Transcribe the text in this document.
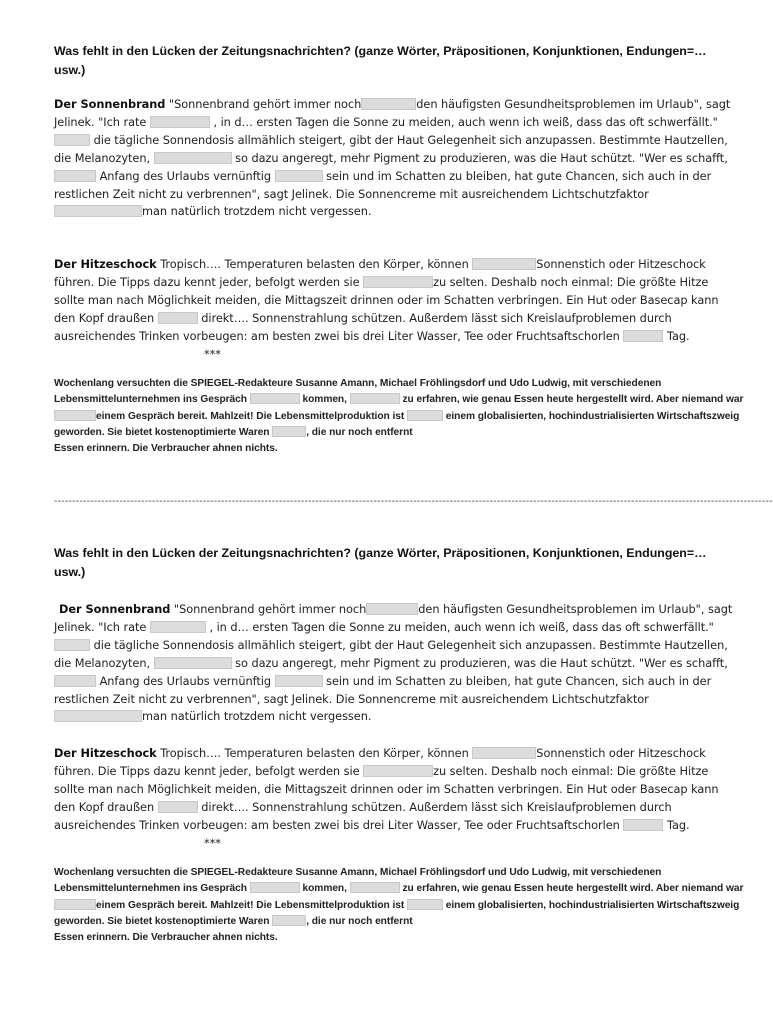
Was fehlt in den Lücken der Zeitungsnachrichten? (ganze Wörter, Präpositionen, Konjunktionen, Endungen=… usw.)
Der Sonnenbrand "Sonnenbrand gehört immer noch	den häufigsten Gesundheitsproblemen im Urlaub", sagt Jelinek. "Ich rate	, in d… ersten Tagen die Sonne zu meiden, auch wenn ich weiß, dass das oft schwerfällt." die tägliche Sonnendosis allmählich steigert, gibt der Haut Gelegenheit sich anzupassen. Bestimmte Hautzellen, die Melanozyten,	so dazu angeregt, mehr Pigment zu produzieren, was die Haut schützt. "Wer es schafft, Anfang des Urlaubs vernünftig	sein und im Schatten zu bleiben, hat gute Chancen, sich auch in der restlichen Zeit nicht zu verbrennen", sagt Jelinek. Die Sonnencreme mit ausreichendem Lichtschutzfaktor man natürlich trotzdem nicht vergessen.
Der Hitzeschock Tropisch…. Temperaturen belasten den Körper, können	Sonnenstich oder Hitzeschock führen. Die Tipps dazu kennt jeder, befolgt werden sie	zu selten. Deshalb noch einmal: Die größte Hitze sollte man nach Möglichkeit meiden, die Mittagszeit drinnen oder im Schatten verbringen. Ein Hut oder Basecap kann den Kopf draußen	direkt…. Sonnenstrahlung schützen. Außerdem lässt sich Kreislaufproblemen durch ausreichendes Trinken vorbeugen: am besten zwei bis drei Liter Wasser, Tee oder Fruchtsaftschorlen	Tag. ***
Wochenlang versuchten die SPIEGEL-Redakteure Susanne Amann, Michael Fröhlingsdorf und Udo Ludwig, mit verschiedenen Lebensmittelunternehmen ins Gespräch	kommen,	zu erfahren, wie genau Essen heute hergestellt wird. Aber niemand war einem Gespräch bereit. Mahlzeit! Die Lebensmittelproduktion ist	einem globalisierten, hochindustrialisierten Wirtschaftszweig geworden. Sie bietet kostenoptimierte Waren	, die nur noch entfernt
Essen erinnern. Die Verbraucher ahnen nichts.
------------------------------------------------------------------------------------------------------------------------------------------------------------------------------------------------------
Was fehlt in den Lücken der Zeitungsnachrichten? (ganze Wörter, Präpositionen, Konjunktionen, Endungen=… usw.)
Der Sonnenbrand "Sonnenbrand gehört immer noch	den häufigsten Gesundheitsproblemen im Urlaub", sagt Jelinek. "Ich rate	, in d… ersten Tagen die Sonne zu meiden, auch wenn ich weiß, dass das oft schwerfällt." die tägliche Sonnendosis allmählich steigert, gibt der Haut Gelegenheit sich anzupassen. Bestimmte Hautzellen, die Melanozyten,	so dazu angeregt, mehr Pigment zu produzieren, was die Haut schützt. "Wer es schafft, Anfang des Urlaubs vernünftig	sein und im Schatten zu bleiben, hat gute Chancen, sich auch in der restlichen Zeit nicht zu verbrennen", sagt Jelinek. Die Sonnencreme mit ausreichendem Lichtschutzfaktor man natürlich trotzdem nicht vergessen.
Der Hitzeschock Tropisch…. Temperaturen belasten den Körper, können	Sonnenstich oder Hitzeschock führen. Die Tipps dazu kennt jeder, befolgt werden sie	zu selten. Deshalb noch einmal: Die größte Hitze sollte man nach Möglichkeit meiden, die Mittagszeit drinnen oder im Schatten verbringen. Ein Hut oder Basecap kann den Kopf draußen	direkt…. Sonnenstrahlung schützen. Außerdem lässt sich Kreislaufproblemen durch ausreichendes Trinken vorbeugen: am besten zwei bis drei Liter Wasser, Tee oder Fruchtsaftschorlen	Tag. ***
Wochenlang versuchten die SPIEGEL-Redakteure Susanne Amann, Michael Fröhlingsdorf und Udo Ludwig, mit verschiedenen Lebensmittelunternehmen ins Gespräch	kommen,	zu erfahren, wie genau Essen heute hergestellt wird. Aber niemand war einem Gespräch bereit. Mahlzeit! Die Lebensmittelproduktion ist	einem globalisierten, hochindustrialisierten Wirtschaftszweig geworden. Sie bietet kostenoptimierte Waren	, die nur noch entfernt
Essen erinnern. Die Verbraucher ahnen nichts.
